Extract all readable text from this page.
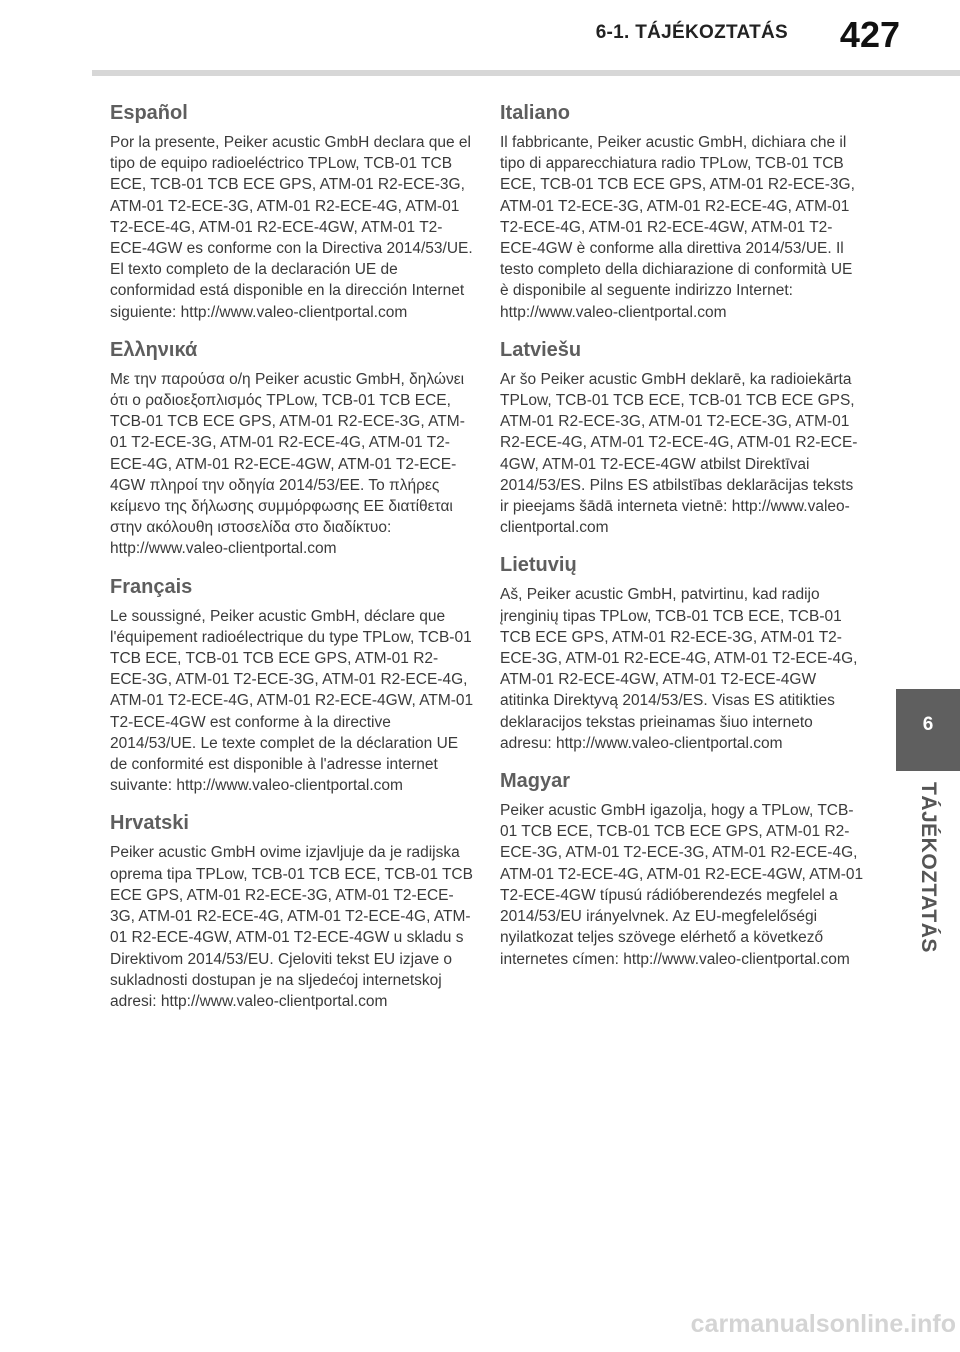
6-1. TÁJÉKOZTATÁS	427
Español

Por la presente, Peiker acustic GmbH declara que el tipo de equipo radioeléctrico TPLow, TCB-01 TCB ECE, TCB-01 TCB ECE GPS, ATM-01 R2-ECE-3G, ATM-01 T2-ECE-3G, ATM-01 R2-ECE-4G, ATM-01 T2-ECE-4G, ATM-01 R2-ECE-4GW, ATM-01 T2-ECE-4GW es conforme con la Directiva 2014/53/UE. El texto completo de la declaración UE de conformidad está disponible en la dirección Internet siguiente: http://www.valeo-clientportal.com

Ελληνικά

Με την παρούσα ο/η Peiker acustic GmbH, δηλώνει ότι ο ραδιοεξοπλισμός TPLow, TCB-01 TCB ECE, TCB-01 TCB ECE GPS, ATM-01 R2-ECE-3G, ATM-01 T2-ECE-3G, ATM-01 R2-ECE-4G, ATM-01 T2-ECE-4G, ATM-01 R2-ECE-4GW, ATM-01 T2-ECE-4GW πληροί την οδηγία 2014/53/ΕΕ. Το πλήρες κείμενο της δήλωσης συμμόρφωσης ΕΕ διατίθεται στην ακόλουθη ιστοσελίδα στο διαδίκτυο: http://www.valeo-clientportal.com

Français

Le soussigné, Peiker acustic GmbH, déclare que l'équipement radioélectrique du type TPLow, TCB-01 TCB ECE, TCB-01 TCB ECE GPS, ATM-01 R2-ECE-3G, ATM-01 T2-ECE-3G, ATM-01 R2-ECE-4G, ATM-01 T2-ECE-4G, ATM-01 R2-ECE-4GW, ATM-01 T2-ECE-4GW est conforme à la directive 2014/53/UE. Le texte complet de la déclaration UE de conformité est disponible à l'adresse internet suivante: http://www.valeo-clientportal.com

Hrvatski

Peiker acustic GmbH ovime izjavljuje da je radijska oprema tipa TPLow, TCB-01 TCB ECE, TCB-01 TCB ECE GPS, ATM-01 R2-ECE-3G, ATM-01 T2-ECE-3G, ATM-01 R2-ECE-4G, ATM-01 T2-ECE-4G, ATM-01 R2-ECE-4GW, ATM-01 T2-ECE-4GW u skladu s Direktivom 2014/53/EU. Cjeloviti tekst EU izjave o sukladnosti dostupan je na sljedećoj internetskoj adresi: http://www.valeo-clientportal.com

Italiano

Il fabbricante, Peiker acustic GmbH, dichiara che il tipo di apparecchiatura radio TPLow, TCB-01 TCB ECE, TCB-01 TCB ECE GPS, ATM-01 R2-ECE-3G, ATM-01 T2-ECE-3G, ATM-01 R2-ECE-4G, ATM-01 T2-ECE-4G, ATM-01 R2-ECE-4GW, ATM-01 T2-ECE-4GW è conforme alla direttiva 2014/53/UE. Il testo completo della dichiarazione di conformità UE è disponibile al seguente indirizzo Internet: http://www.valeo-clientportal.com

Latviešu

Ar šo Peiker acustic GmbH deklarē, ka radioiekārta TPLow, TCB-01 TCB ECE, TCB-01 TCB ECE GPS, ATM-01 R2-ECE-3G, ATM-01 T2-ECE-3G, ATM-01 R2-ECE-4G, ATM-01 T2-ECE-4G, ATM-01 R2-ECE-4GW, ATM-01 T2-ECE-4GW atbilst Direktīvai 2014/53/ES. Pilns ES atbilstības deklarācijas teksts ir pieejams šādā interneta vietnē: http://www.valeo-clientportal.com

Lietuvių

Aš, Peiker acustic GmbH, patvirtinu, kad radijo įrenginių tipas TPLow, TCB-01 TCB ECE, TCB-01 TCB ECE GPS, ATM-01 R2-ECE-3G, ATM-01 T2-ECE-3G, ATM-01 R2-ECE-4G, ATM-01 T2-ECE-4G, ATM-01 R2-ECE-4GW, ATM-01 T2-ECE-4GW atitinka Direktyvą 2014/53/ES. Visas ES atitikties deklaracijos tekstas prieinamas šiuo interneto adresu: http://www.valeo-clientportal.com

Magyar

Peiker acustic GmbH igazolja, hogy a TPLow, TCB-01 TCB ECE, TCB-01 TCB ECE GPS, ATM-01 R2-ECE-3G, ATM-01 T2-ECE-3G, ATM-01 R2-ECE-4G, ATM-01 T2-ECE-4G, ATM-01 R2-ECE-4GW, ATM-01 T2-ECE-4GW típusú rádióberendezés megfelel a 2014/53/EU irányelvnek. Az EU-megfelelőségi nyilatkozat teljes szövege elérhető a következő internetes címen: http://www.valeo-clientportal.com

6
TÁJÉKOZTATÁS
carmanualsonline.info
